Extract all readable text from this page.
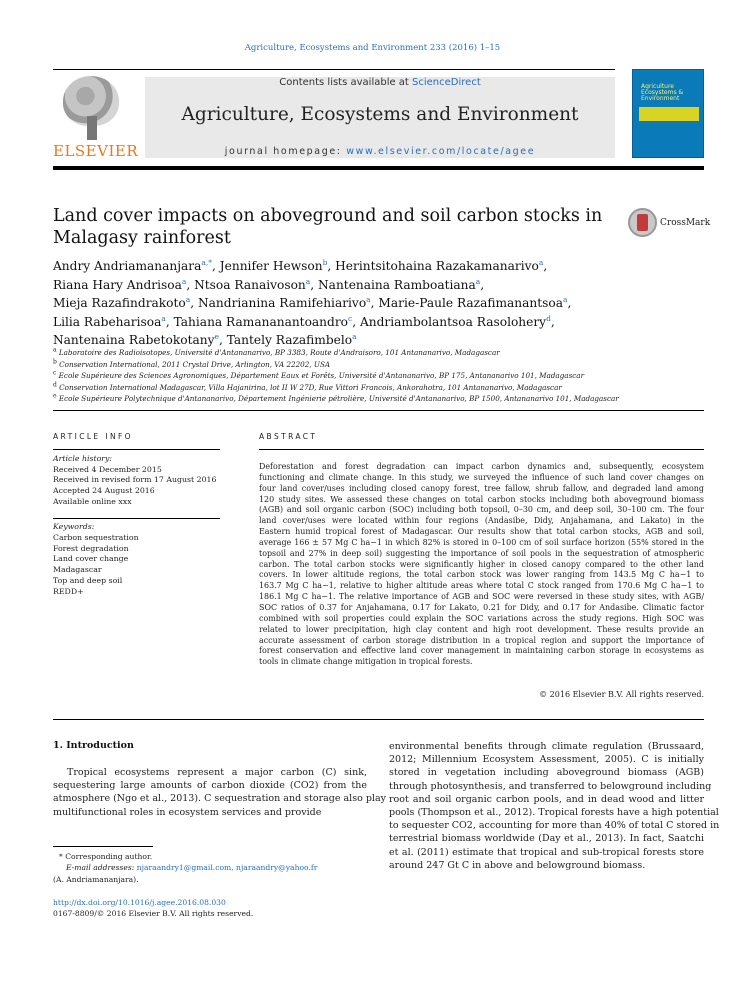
Agriculture, Ecosystems and Environment 233 (2016) 1–15
ELSEVIER
Contents lists available at ScienceDirect
Agriculture, Ecosystems and Environment
journal homepage: www.elsevier.com/locate/agee
Agriculture Ecosystems & Environment
Land cover impacts on aboveground and soil carbon stocks in Malagasy rainforest
CrossMark
Andry Andriamananjara$^{a,*}$, Jennifer Hewson$^b$, Herintsitohaina Razakamanarivo$^a$,
Riana Hary Andrisoa$^a$, Ntsoa Ranaivoson$^a$, Nantenaina Ramboatiana$^a$,
Mieja Razafindrakoto$^a$, Nandrianina Ramifehiarivo$^a$, Marie-Paule Razafimanantsoa$^a$,
Lilia Rabeharisoa$^a$, Tahiana Ramananantoandro$^c$, Andriambolantsoa Rasolohery$^d$,
Nantenaina Rabetokotany$^e$, Tantely Razafimbelo$^a$
$^a$ Laboratoire des Radioisotopes, Université d'Antananarivo, BP 3383, Route d'Andraisoro, 101 Antananarivo, Madagascar
$^b$ Conservation International, 2011 Crystal Drive, Arlington, VA 22202, USA
$^c$ Ecole Supérieure des Sciences Agronomiques, Département Eaux et Forêts, Université d'Antananarivo, BP 175, Antananarivo 101, Madagascar
$^d$ Conservation International Madagascar, Villa Hajanirina, lot II W 27D, Rue Vittori Francois, Ankorahotra, 101 Antananarivo, Madagascar
$^e$ Ecole Supérieure Polytechnique d'Antananarivo, Département Ingénierie pétrolière, Université d'Antananarivo, BP 1500, Antananarivo 101, Madagascar
ARTICLE INFO	ABSTRACT
Article history:
Received 4 December 2015
Received in revised form 17 August 2016
Accepted 24 August 2016
Available online xxx
Keywords:
Carbon sequestration
Forest degradation
Land cover change
Madagascar
Top and deep soil
REDD+
Deforestation and forest degradation can impact carbon dynamics and, subsequently, ecosystem
functioning and climate change. In this study, we surveyed the influence of such land cover changes on
four land cover/uses including closed canopy forest, tree fallow, shrub fallow, and degraded land among
120 study sites. We assessed these changes on total carbon stocks including both aboveground biomass
(AGB) and soil organic carbon (SOC) including both topsoil, 0–30 cm, and deep soil, 30–100 cm. The four
land cover/uses were located within four regions (Andasibe, Didy, Anjahamana, and Lakato) in the
Eastern humid tropical forest of Madagascar. Our results show that total carbon stocks, AGB and soil,
average 166 ± 57 Mg C ha−1 in which 82% is stored in 0–100 cm of soil surface horizon (55% stored in the
topsoil and 27% in deep soil) suggesting the importance of soil pools in the sequestration of atmospheric
carbon. The total carbon stocks were significantly higher in closed canopy compared to the other land
covers. In lower altitude regions, the total carbon stock was lower ranging from 143.5 Mg C ha−1 to
163.7 Mg C ha−1, relative to higher altitude areas where total C stock ranged from 170.6 Mg C ha−1 to
186.1 Mg C ha−1. The relative importance of AGB and SOC were reversed in these study sites, with AGB/
SOC ratios of 0.37 for Anjahamana, 0.17 for Lakato, 0.21 for Didy, and 0.17 for Andasibe. Climatic factor
combined with soil properties could explain the SOC variations across the study regions. High SOC was
related to lower precipitation, high clay content and high root development. These results provide an
accurate assessment of carbon storage distribution in a tropical region and support the importance of
forest conservation and effective land cover management in maintaining carbon storage in ecosystems as
tools in climate change mitigation in tropical forests.
© 2016 Elsevier B.V. All rights reserved.
1. Introduction
Tropical ecosystems represent a major carbon (C) sink,
sequestering large amounts of carbon dioxide (CO2) from the
atmosphere (Ngo et al., 2013). C sequestration and storage also play
multifunctional roles in ecosystem services and provide
environmental benefits through climate regulation (Brussaard,
2012; Millennium Ecosystem Assessment, 2005). C is initially
stored in vegetation including aboveground biomass (AGB)
through photosynthesis, and transferred to belowground including
root and soil organic carbon pools, and in dead wood and litter
pools (Thompson et al., 2012). Tropical forests have a high potential
to sequester CO2, accounting for more than 40% of total C stored in
terrestrial biomass worldwide (Day et al., 2013). In fact, Saatchi
et al. (2011) estimate that tropical and sub-tropical forests store
around 247 Gt C in above and belowground biomass.
* Corresponding author.
E-mail addresses: njaraandry1@gmail.com, njaraandry@yahoo.fr
(A. Andriamananjara).
http://dx.doi.org/10.1016/j.agee.2016.08.030
0167-8809/© 2016 Elsevier B.V. All rights reserved.
